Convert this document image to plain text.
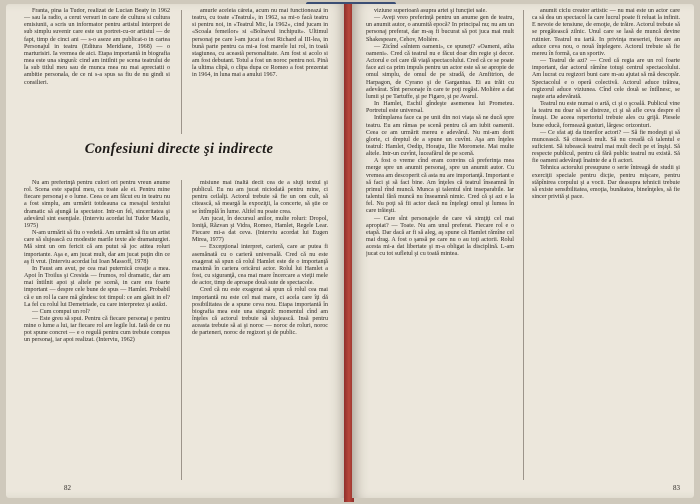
Franta, pina la Tudor, realizat de Lucian Beaty in 1962 — sau la radio, a cerut versuri in care de cultura si cultura emisiunii, a scris un informator pentru artistul interpret de sub simplu suvenir care este un portret-cu-or artistul — de fapt, timp de cinci ani — s-o aseze am publicat-o in cartea Personajul in teatru (Editura Meridiane, 1968) — o marturisiri. Ia vremea de aici. Etapa importantã in biografia mea este una singurã: cind am intilnit pe scena teatrului de la sub titlul meu sau de munca mea nu mai apreciatii o ambitie personala, de ce ni s-a spus sa fiu de nu gindi si consilieri.

amurle aceleia cãreia, acum nu mai functioneazã in teatru, cu toate «Teatrul», in 1962, sa mi-o facã teatru si pentru noi, in «Teatrul Mic, la 1962», cind jucam in «Scoala femeilor» si «Bolnavul inchipuit». Ultimul personaj pe care l-am jucat a fost Richard al III-lea, in bunã parte pentru ca mi-a fost marele lui rol, in toatã stagiunea, cu aceastã personalitate. Am fost si acolo si am fost debutant. Totul a fost un noroc pentru noi. Pinã la ultima clipã, o clipa dupa ce Romeo a fost prezentat in 1964, in luna mai a anului 1967.

Confesiuni directe şi indirecte

Nu am preferinţă pentru culori ori pentru vreun anume rol. Scena este spaţiul meu, cu toate ale ei. Pentru mine fiecare personaj e o lume. Ceea ce am făcut eu in teatru nu a fost simplu, am urmărit totdeauna ca mesajul textului dramatic să ajungă la spectator. Intr-un fel, sinceritatea şi adevărul sint esenţiale. (Interviu acordat lui Tudor Mazilu, 1975)

N-am urmărit să fiu o vedetă. Am urmărit să fiu un artist care să slujească cu modestie marile texte ale dramaturgiei. Mă simt un om fericit că am putut să joc atitea roluri importante. Aşa e, am jucat mult, dar am jucat puţin din ce aş fi vrut. (Interviu acordat lui Ioan Massoff, 1978)

In Faust am avut, pe cea mai puternică creaţie a mea. Apoi în Troilus şi Cresida — frumos, rol dramatic, dar am mai întilnit apoi şi altele pe scenă, in care era foarte important — despre cele bune de spus — Hamlet. Probabil că e un rol la care mă gîndesc tot timpul: ce am găsit in el? La fel cu rolul lui Demetriade, cu care interpretez şi astăzi.

— Cum compui un rol?

— Este greu să spui. Pentru că fiecare personaj e pentru mine o lume a lui, iar fiecare rol are legile lui. Iată de ce nu pot spune concret — e o regulă pentru cum trebuie compus un personaj, iar apoi realizat. (Interviu, 1962)

misiune mai înaltă decît cea de a sluji textul şi publicul. Eu nu am jucat niciodată pentru mine, ci pentru ceilalţi. Actorul trebuie să fie un om cult, să citească, să meargă la expoziţii, la concerte, să ştie ce se întîmplă în lume. Altfel nu poate crea.

Am jucat, în decursul anilor, multe roluri: Dropol, Ioniţă, Răzvan şi Vidra, Romeo, Hamlet, Regele Lear. Fiecare mi-a dat ceva. (Interviu acordat lui Eugen Mirea, 1977)

— Excepţional interpret, carieră, care ar putea fi asemănată cu o carieră universală. Cred că nu este exagerat să spun că rolul Hamlet este de o importanţă maximă în cariera oricărui actor. Rolul lui Hamlet a fost, cu siguranţă, cea mai mare încercare a vieţii mele de actor, timp de aproape două sute de spectacole.

Cred că nu este exagerat să spun că rolul cea mai importantă nu este cel mai mare, ci acela care îţi dă posibilitatea de a spune ceva nou. Etapa importantă în biografia mea este una singură: momentul cînd am înţeles că actorul trebuie să slujească. Insă pentru aceasta trebuie să ai şi noroc — noroc de roluri, noroc de parteneri, noroc de regizori şi de public.

82

viziune superioară asupra artei şi funcţiei sale.

— Aveţi vreo preferinţă pentru un anume gen de teatru, un anumit autor, o anumită epocă? In principal nu; nu am un personaj preferat, dar m-aş fi bucurat să pot juca mai mult Shakespeare, Cehov, Molière.

— Zicînd «sîntem oameni», ce spuneţi? «Oameni, atîta oameni». Cred că teatrul nu e făcut doar din regie şi decor. Actorul e cel care dă viaţă spectacolului. Cred că ce se poate face azi ca prim impuls pentru un actor este să se apropie de omul simplu, de omul de pe stradă, de Amfitrion, de Harpagon, de Cyrano şi de Gargantua. Ei au trăit cu adevărat. Sînt personaje în care te poţi regăsi. Molière a dat lumii şi pe Tartuffe, şi pe Figaro, şi pe Avarul.

In Hamlet, Eschil gîndeşte asemenea lui Prometeu. Portretul este universal.

Intîmplarea face ca pe unii din noi viaţa să ne ducă spre teatru. Eu am rămas pe scenă pentru că am iubit oamenii. Ceea ce am urmărit mereu e adevărul. Nu mi-am dorit glorie, ci dreptul de a spune un cuvînt. Aşa am înţeles teatrul: Hamlet, Oedip, Horaţiu, Ilie Moromete. Mai multe altele. Intr-un cuvînt, luceafărul de pe scenă.

A fost o vreme cînd eram convins că preferinţa mea merge spre un anumit personaj, spre un anumit autor. Cu vremea am descoperit că asta nu are importanţă. Important e să faci şi să faci bine. Am înţeles că teatrul înseamnă în primul rînd muncă. Munca şi talentul sînt inseparabile. Iar talentul fără muncă nu înseamnă nimic. Cred că şi azi e la fel. Nu poţi să fii actor dacă nu înţelegi omul şi lumea în care trăieşti.

— Care sînt personajele de care vă simţiţi cel mai apropiat? — Toate. Nu am unul preferat. Fiecare rol e o etapă. Dar dacă ar fi să aleg, aş spune că Hamlet rămîne cel mai drag. A fost o şansă pe care nu o au toţi actorii. Rolul acesta mi-a dat libertate şi m-a obligat la disciplină. L-am jucat cu tot sufletul şi cu toată mintea.

anumit ciclu creator artistic — nu mai este un actor care ca să dea un spectacol la care lucrul poate fi reluat la infinit. E nevoie de tensiune, de emoţie, de trăire. Actorul trebuie să se pregătească zilnic. Unul care se lasă de muncă devine rutinier. Teatrul nu iartă. In privinţa meseriei, fiecare an aduce ceva nou, o nouă înţelegere. Actorul trebuie să fie mereu în formă, ca un sportiv.

— Teatrul de azi? — Cred că regia are un rol foarte important, dar actorul rămîne totuşi centrul spectacolului. Am lucrat cu regizori buni care m-au ajutat să mă descopăr. Spectacolul e o operă colectivă. Actorul aduce trăirea, regizorul aduce viziunea. Cînd cele două se întîlnesc, se naşte arta adevărată.

Teatrul nu este numai o artă, ci şi o şcoală. Publicul vine la teatru nu doar să se distreze, ci şi să afle ceva despre el însuşi. De aceea repertoriul trebuie ales cu grijă. Piesele bune educă, formează gusturi, lărgesc orizonturi.

— Ce sfat aţi da tinerilor actori? — Să fie modeşti şi să muncească. Să citească mult. Să nu creadă că talentul e suficient. Să iubească teatrul mai mult decît pe ei înşişi. Să respecte publicul, pentru că fără public teatrul nu există. Să fie oameni adevăraţi înainte de a fi actori.

Tehnica actorului presupune o serie întreagă de studii şi exerciţii speciale pentru dicţie, pentru mişcare, pentru stăpînirea corpului şi a vocii. Dar deasupra tehnicii trebuie să existe sensibilitatea, emoţia, bunătatea, bineînţeles, să fie sincer privită şi pace.

83
